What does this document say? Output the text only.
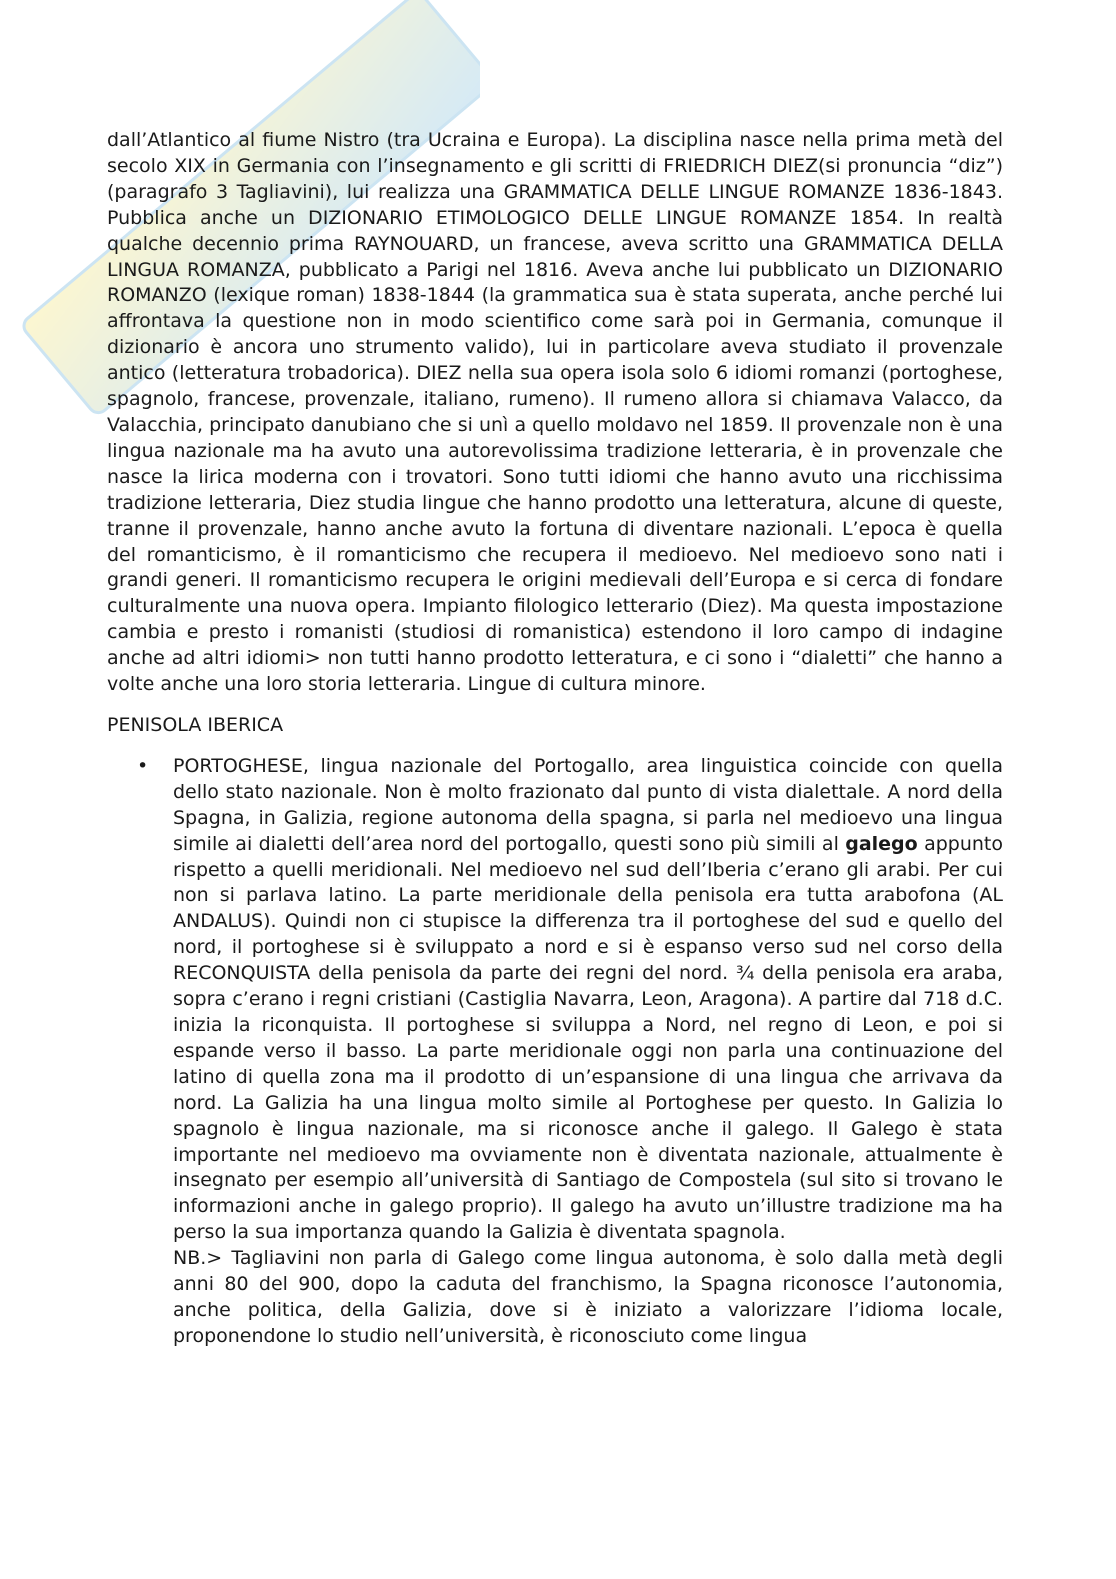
dall’Atlantico al fiume Nistro (tra Ucraina e Europa). La disciplina nasce nella prima metà del secolo XIX in Germania con l’insegnamento e gli scritti di FRIEDRICH DIEZ(si pronuncia “diz”) (paragrafo 3 Tagliavini), lui realizza una GRAMMATICA DELLE LINGUE ROMANZE 1836-1843. Pubblica anche un DIZIONARIO ETIMOLOGICO DELLE LINGUE ROMANZE 1854. In realtà qualche decennio prima RAYNOUARD, un francese, aveva scritto una GRAMMATICA DELLA LINGUA ROMANZA, pubblicato a Parigi nel 1816. Aveva anche lui pubblicato un DIZIONARIO ROMANZO (lexique roman) 1838-1844 (la grammatica sua è stata superata, anche perché lui affrontava la questione non in modo scientifico come sarà poi in Germania, comunque il dizionario è ancora uno strumento valido), lui in particolare aveva studiato il provenzale antico (letteratura trobadorica). DIEZ nella sua opera isola solo 6 idiomi romanzi (portoghese, spagnolo, francese, provenzale, italiano, rumeno). Il rumeno allora si chiamava Valacco, da Valacchia, principato danubiano che si unì a quello moldavo nel 1859. Il provenzale non è una lingua nazionale ma ha avuto una autorevolissima tradizione letteraria, è in provenzale che nasce la lirica moderna con i trovatori. Sono tutti idiomi che hanno avuto una ricchissima tradizione letteraria, Diez studia lingue che hanno prodotto una letteratura, alcune di queste, tranne il provenzale, hanno anche avuto la fortuna di diventare nazionali. L’epoca è quella del romanticismo, è il romanticismo che recupera il medioevo. Nel medioevo sono nati i grandi generi. Il romanticismo recupera le origini medievali dell’Europa e si cerca di fondare culturalmente una nuova opera. Impianto filologico letterario (Diez). Ma questa impostazione cambia e presto i romanisti (studiosi di romanistica) estendono il loro campo di indagine anche ad altri idiomi> non tutti hanno prodotto letteratura, e ci sono i “dialetti” che hanno a volte anche una loro storia letteraria. Lingue di cultura minore.

PENISOLA IBERICA

• PORTOGHESE, lingua nazionale del Portogallo, area linguistica coincide con quella dello stato nazionale. Non è molto frazionato dal punto di vista dialettale. A nord della Spagna, in Galizia, regione autonoma della spagna, si parla nel medioevo una lingua simile ai dialetti dell’area nord del portogallo, questi sono più simili al galego appunto rispetto a quelli meridionali. Nel medioevo nel sud dell’Iberia c’erano gli arabi. Per cui non si parlava latino. La parte meridionale della penisola era tutta arabofona (AL ANDALUS). Quindi non ci stupisce la differenza tra il portoghese del sud e quello del nord, il portoghese si è sviluppato a nord e si è espanso verso sud nel corso della RECONQUISTA della penisola da parte dei regni del nord. ¾ della penisola era araba, sopra c’erano i regni cristiani (Castiglia Navarra, Leon, Aragona). A partire dal 718 d.C. inizia la riconquista. Il portoghese si sviluppa a Nord, nel regno di Leon, e poi si espande verso il basso. La parte meridionale oggi non parla una continuazione del latino di quella zona ma il prodotto di un’espansione di una lingua che arrivava da nord. La Galizia ha una lingua molto simile al Portoghese per questo. In Galizia lo spagnolo è lingua nazionale, ma si riconosce anche il galego. Il Galego è stata importante nel medioevo ma ovviamente non è diventata nazionale, attualmente è insegnato per esempio all’università di Santiago de Compostela (sul sito si trovano le informazioni anche in galego proprio). Il galego ha avuto un’illustre tradizione ma ha perso la sua importanza quando la Galizia è diventata spagnola.

NB.> Tagliavini non parla di Galego come lingua autonoma, è solo dalla metà degli anni 80 del 900, dopo la caduta del franchismo, la Spagna riconosce l’autonomia, anche politica, della Galizia, dove si è iniziato a valorizzare l’idioma locale, proponendone lo studio nell’università, è riconosciuto come lingua
